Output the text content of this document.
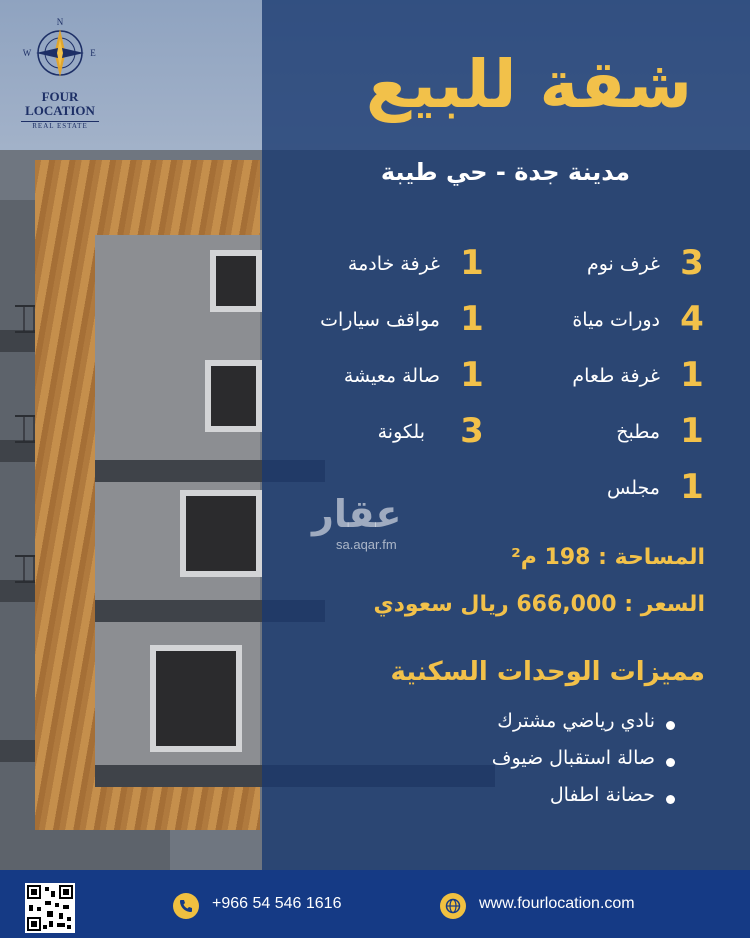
N
W	E
FOUR LOCATION
REAL ESTATE
شقة للبيع
مدينة جدة - حي طيبة
3
غرف نوم
4
دورات مياة
1
غرفة طعام
1
مطبخ
1
مجلس
1
غرفة خادمة
1
مواقف سيارات
1
صالة معيشة
3
بلكونة
عقار
sa.aqar.fm
المساحة : 198 م²
السعر : 666,000 ريال سعودي
مميزات الوحدات السكنية
نادي رياضي مشترك
صالة استقبال ضيوف
حضانة اطفال
+966 54 546 1616	www.fourlocation.com
